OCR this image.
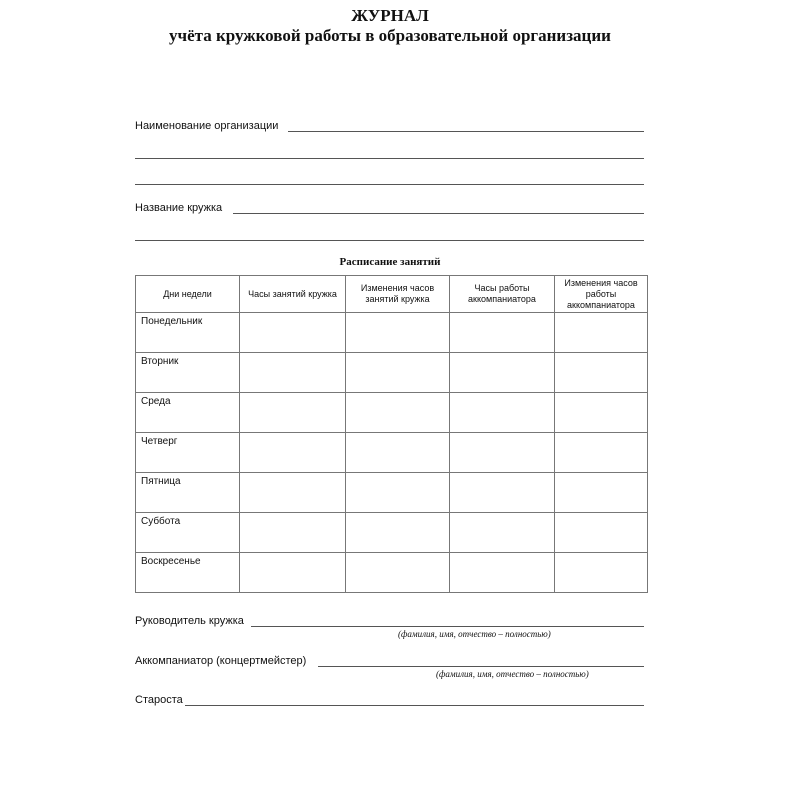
ЖУРНАЛ
учёта кружковой работы в образовательной организации
Наименование организации
Название кружка
Расписание занятий
Дни недели	Часы занятий кружка	Изменения часов занятий кружка	Часы работы аккомпаниатора	Изменения часов работы аккомпаниатора
Понедельник				
Вторник				
Среда				
Четверг				
Пятница				
Суббота				
Воскресенье				
Руководитель кружка
(фамилия, имя, отчество – полностью)
Аккомпаниатор (концертмейстер)
(фамилия, имя, отчество – полностью)
Староста
